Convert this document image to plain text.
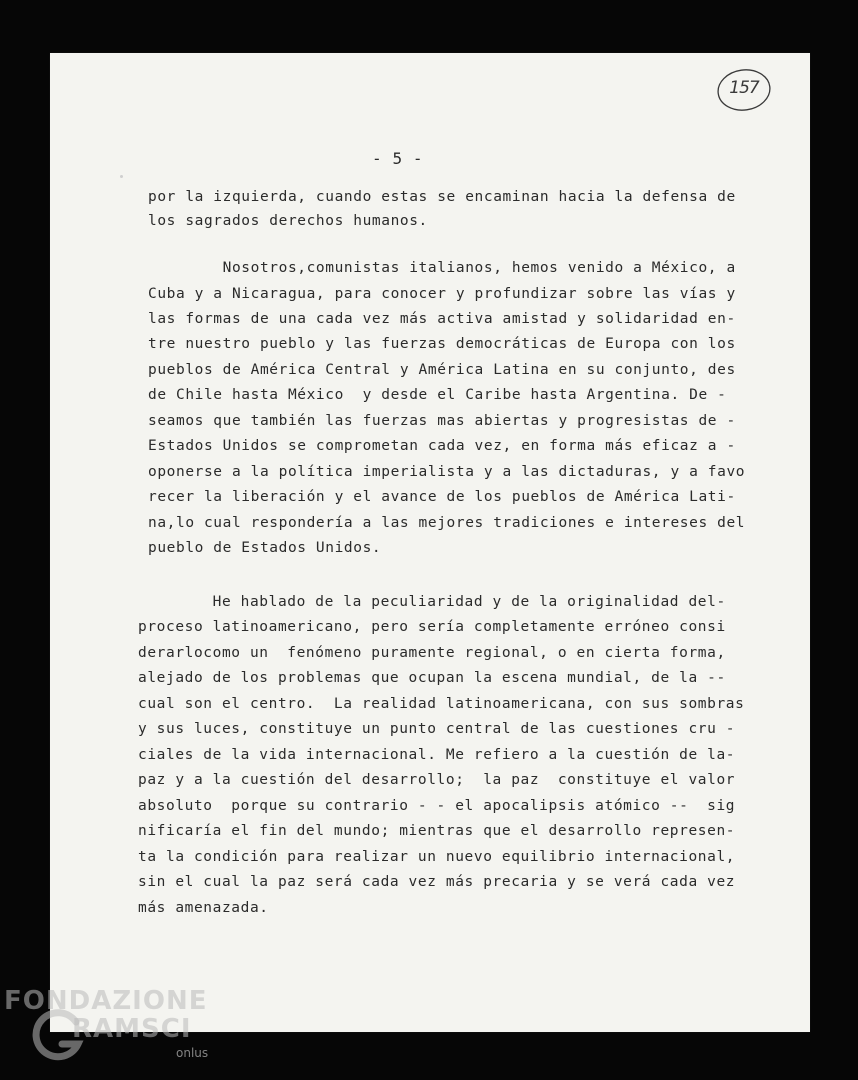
157

- 5 -

por la izquierda, cuando estas se encaminan hacia la defensa de

los sagrados derechos humanos.

Nosotros,comunistas italianos, hemos venido a México, a

Cuba y a Nicaragua, para conocer y profundizar sobre las vías y

las formas de una cada vez más activa amistad y solidaridad en-

tre nuestro pueblo y las fuerzas democráticas de Europa con los

pueblos de América Central y América Latina en su conjunto, des

de Chile hasta México  y desde el Caribe hasta Argentina. De -

seamos que también las fuerzas mas abiertas y progresistas de -

Estados Unidos se comprometan cada vez, en forma más eficaz a -

oponerse a la política imperialista y a las dictaduras, y a favo

recer la liberación y el avance de los pueblos de América Lati-

na,lo cual respondería a las mejores tradiciones e intereses del

pueblo de Estados Unidos.

He hablado de la peculiaridad y de la originalidad del-

proceso latinoamericano, pero sería completamente erróneo consi

derarlocomo un  fenómeno puramente regional, o en cierta forma,

alejado de los problemas que ocupan la escena mundial, de la --

cual son el centro.  La realidad latinoamericana, con sus sombras

y sus luces, constituye un punto central de las cuestiones cru -

ciales de la vida internacional. Me refiero a la cuestión de la-

paz y a la cuestión del desarrollo;  la paz  constituye el valor

absoluto  porque su contrario - - el apocalipsis atómico --  sig

nificaría el fin del mundo; mientras que el desarrollo represen-

ta la condición para realizar un nuevo equilibrio internacional,

sin el cual la paz será cada vez más precaria y se verá cada vez

más amenazada.

FONDAZIONE
RAMSCI
onlus
